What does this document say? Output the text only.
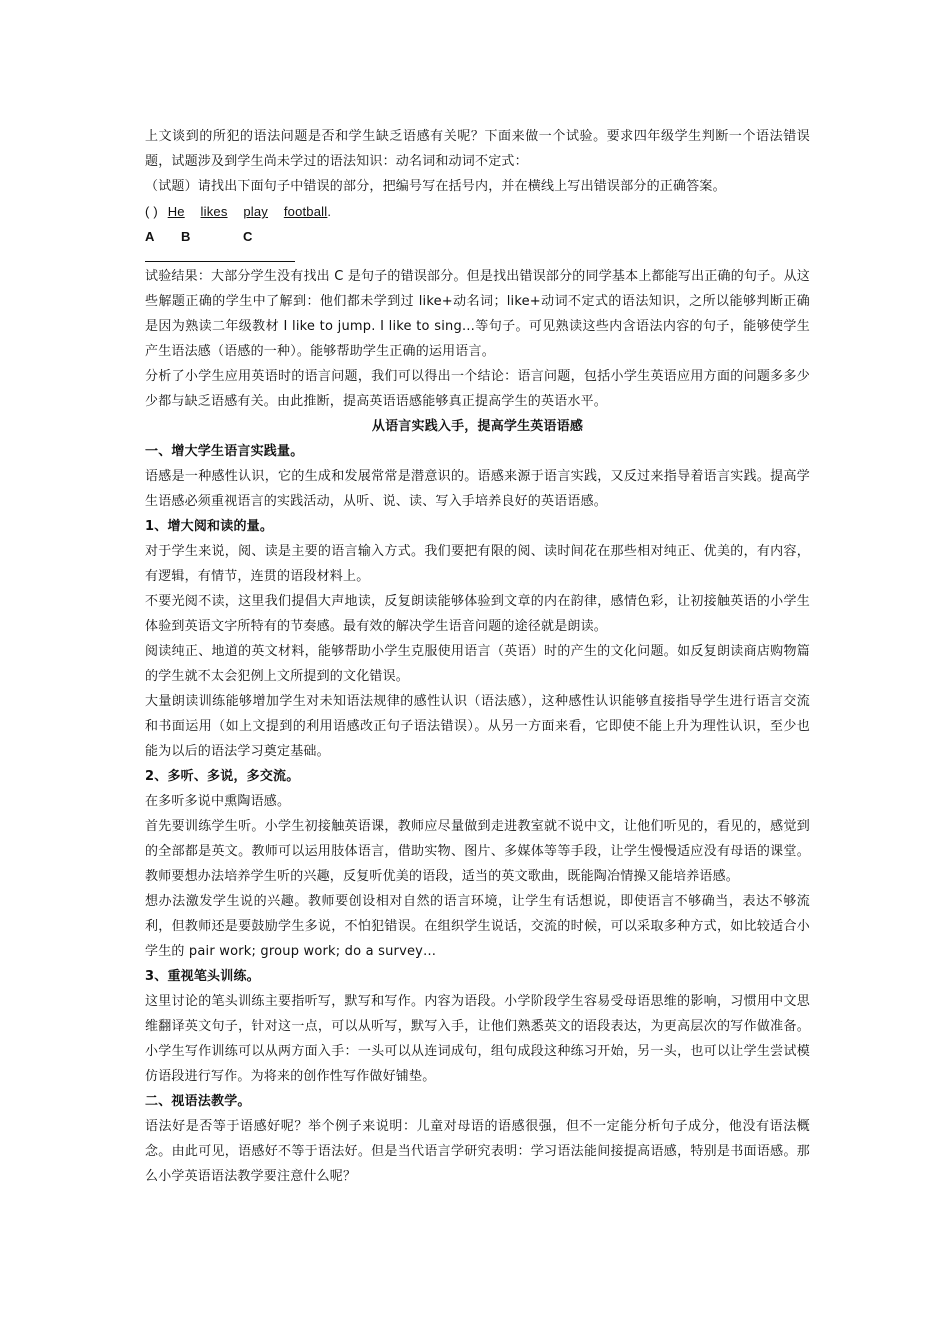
上文谈到的所犯的语法问题是否和学生缺乏语感有关呢？下面来做一个试验。要求四年级学生判断一个语法错误题，试题涉及到学生尚未学过的语法知识：动名词和动词不定式：

（试题）请找出下面句子中错误的部分，把编号写在括号内，并在横线上写出错误部分的正确答案。

( ) He likes play football.

A B	C

试验结果：大部分学生没有找出 C 是句子的错误部分。但是找出错误部分的同学基本上都能写出正确的句子。从这些解题正确的学生中了解到：他们都未学到过 like+动名词；like+动词不定式的语法知识，之所以能够判断正确是因为熟读二年级教材 I like to jump. I like to sing…等句子。可见熟读这些内含语法内容的句子，能够使学生产生语法感（语感的一种）。能够帮助学生正确的运用语言。

分析了小学生应用英语时的语言问题，我们可以得出一个结论：语言问题，包括小学生英语应用方面的问题多多少少都与缺乏语感有关。由此推断，提高英语语感能够真正提高学生的英语水平。

从语言实践入手，提高学生英语语感

一、增大学生语言实践量。

语感是一种感性认识，它的生成和发展常常是潜意识的。语感来源于语言实践，又反过来指导着语言实践。提高学生语感必须重视语言的实践活动，从听、说、读、写入手培养良好的英语语感。

1、增大阅和读的量。

对于学生来说，阅、读是主要的语言输入方式。我们要把有限的阅、读时间花在那些相对纯正、优美的，有内容，有逻辑，有情节，连贯的语段材料上。

不要光阅不读，这里我们提倡大声地读，反复朗读能够体验到文章的内在韵律，感情色彩，让初接触英语的小学生体验到英语文字所特有的节奏感。最有效的解决学生语音问题的途径就是朗读。

阅读纯正、地道的英文材料，能够帮助小学生克服使用语言（英语）时的产生的文化问题。如反复朗读商店购物篇的学生就不太会犯例上文所提到的文化错误。

大量朗读训练能够增加学生对未知语法规律的感性认识（语法感），这种感性认识能够直接指导学生进行语言交流和书面运用（如上文提到的利用语感改正句子语法错误）。从另一方面来看，它即使不能上升为理性认识，至少也能为以后的语法学习奠定基础。

2、多听、多说，多交流。

在多听多说中熏陶语感。

首先要训练学生听。小学生初接触英语课，教师应尽量做到走进教室就不说中文，让他们听见的，看见的，感觉到的全部都是英文。教师可以运用肢体语言，借助实物、图片、多媒体等等手段，让学生慢慢适应没有母语的课堂。教师要想办法培养学生听的兴趣，反复听优美的语段，适当的英文歌曲，既能陶冶情操又能培养语感。

想办法激发学生说的兴趣。教师要创设相对自然的语言环境，让学生有话想说，即使语言不够确当，表达不够流利，但教师还是要鼓励学生多说，不怕犯错误。在组织学生说话，交流的时候，可以采取多种方式，如比较适合小学生的 pair work; group work; do a survey…

3、重视笔头训练。

这里讨论的笔头训练主要指听写，默写和写作。内容为语段。小学阶段学生容易受母语思维的影响，习惯用中文思维翻译英文句子，针对这一点，可以从听写，默写入手，让他们熟悉英文的语段表达，为更高层次的写作做准备。小学生写作训练可以从两方面入手：一头可以从连词成句，组句成段这种练习开始，另一头，也可以让学生尝试模仿语段进行写作。为将来的创作性写作做好铺垫。

二、视语法教学。

语法好是否等于语感好呢？举个例子来说明：儿童对母语的语感很强，但不一定能分析句子成分，他没有语法概念。由此可见，语感好不等于语法好。但是当代语言学研究表明：学习语法能间接提高语感，特别是书面语感。那么小学英语语法教学要注意什么呢？
